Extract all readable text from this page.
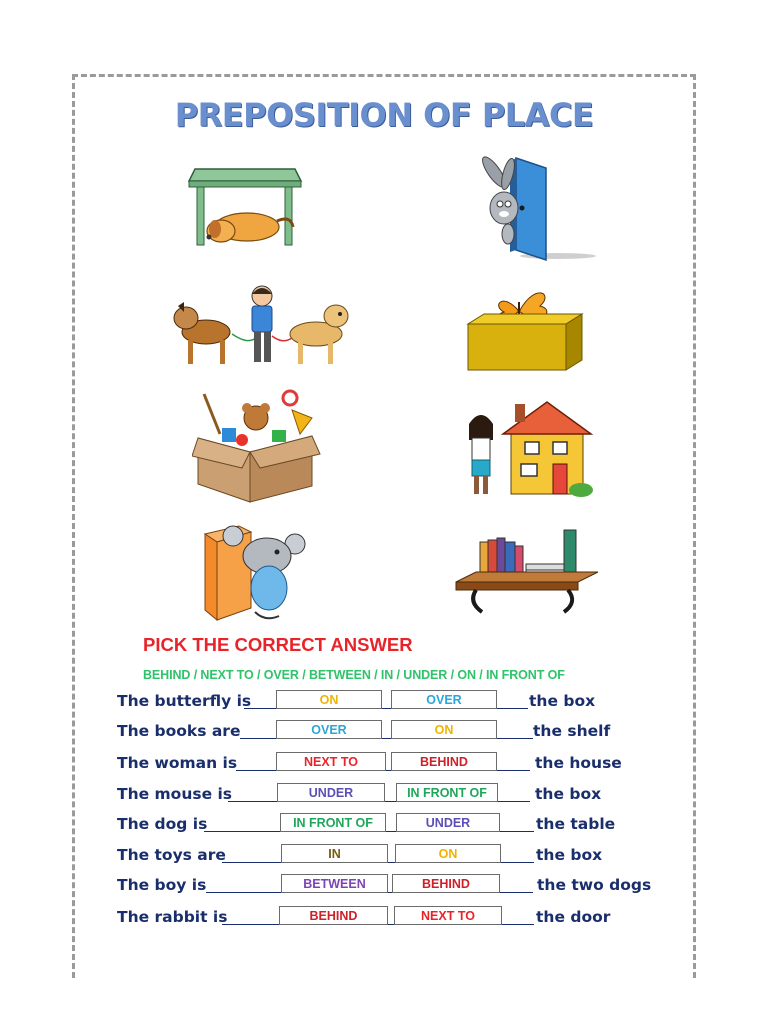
PREPOSITION OF PLACE
PICK THE CORRECT ANSWER
BEHIND / NEXT TO / OVER / BETWEEN / IN / UNDER / ON / IN FRONT OF
The butterfly is	ON	OVER	the box
The books are	OVER	ON	the shelf
The woman is	NEXT TO	BEHIND	the house
The mouse is	UNDER	IN FRONT OF	the box
The dog is	IN FRONT OF	UNDER	the table
The toys are	IN	ON	the box
The boy is	BETWEEN	BEHIND	the two dogs
The rabbit is	BEHIND	NEXT TO	the door
